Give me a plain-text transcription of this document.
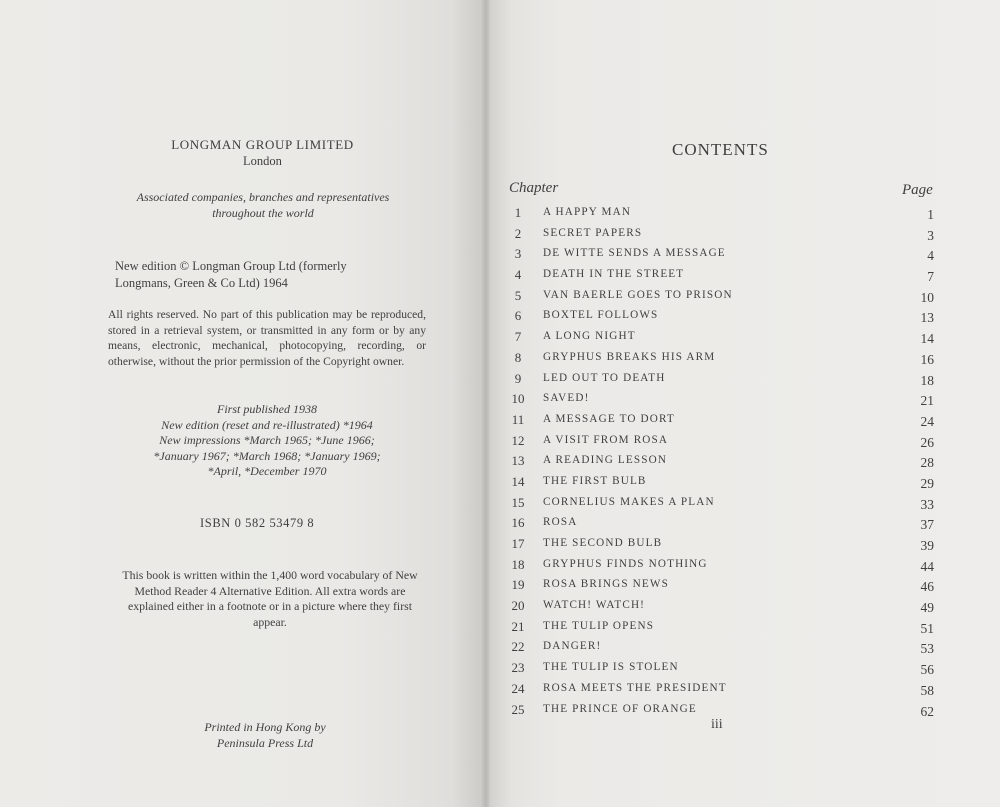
LONGMAN GROUP LIMITED
London
Associated companies, branches and representatives
throughout the world
New edition © Longman Group Ltd (formerly
Longmans, Green & Co Ltd) 1964
All rights reserved. No part of this publication may be reproduced, stored in a retrieval system, or transmitted in any form or by any means, electronic, mechanical, photocopying, recording, or otherwise, without the prior permission of the Copyright owner.
First published 1938
New edition (reset and re-illustrated) *1964
New impressions *March 1965; *June 1966;
*January 1967; *March 1968; *January 1969;
*April, *December 1970
ISBN 0 582 53479 8
This book is written within the 1,400 word vocabulary of New Method Reader 4 Alternative Edition. All extra words are explained either in a footnote or in a picture where they first appear.
Printed in Hong Kong by
Peninsula Press Ltd
CONTENTS
Chapter	Page
1	A HAPPY MAN	1
2	SECRET PAPERS	3
3	DE WITTE SENDS A MESSAGE	4
4	DEATH IN THE STREET	7
5	VAN BAERLE GOES TO PRISON	10
6	BOXTEL FOLLOWS	13
7	A LONG NIGHT	14
8	GRYPHUS BREAKS HIS ARM	16
9	LED OUT TO DEATH	18
10	SAVED!	21
11	A MESSAGE TO DORT	24
12	A VISIT FROM ROSA	26
13	A READING LESSON	28
14	THE FIRST BULB	29
15	CORNELIUS MAKES A PLAN	33
16	ROSA	37
17	THE SECOND BULB	39
18	GRYPHUS FINDS NOTHING	44
19	ROSA BRINGS NEWS	46
20	WATCH! WATCH!	49
21	THE TULIP OPENS	51
22	DANGER!	53
23	THE TULIP IS STOLEN	56
24	ROSA MEETS THE PRESIDENT	58
25	THE PRINCE OF ORANGE	62
iii
